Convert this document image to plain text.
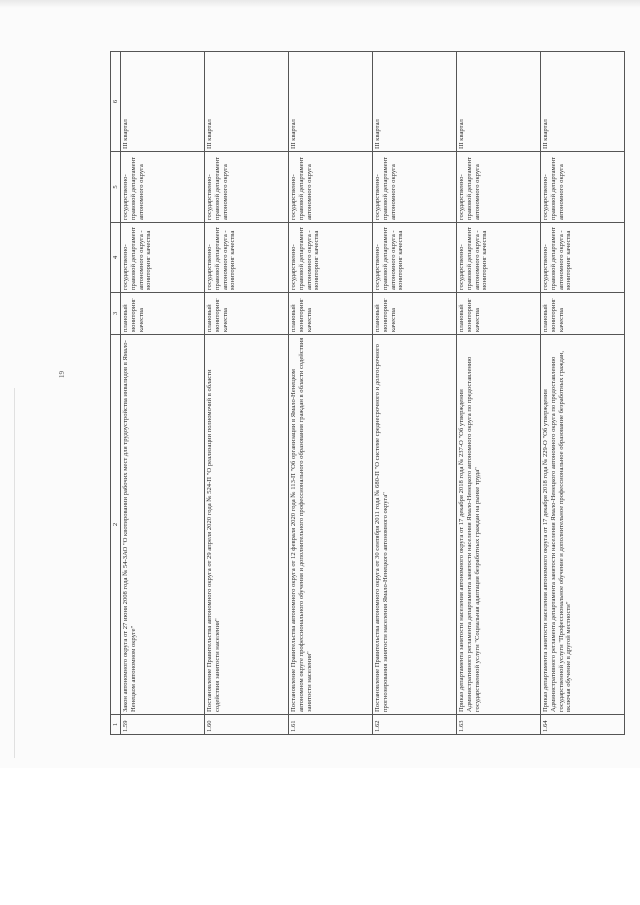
19
1	2	3	4	5	6
1.59	Закон автономного округа от 27 июня 2008 года № 54-ЗАО "О квотировании рабочих мест для трудоустройства инвалидов в Ямало-Ненецком автономном округе"	плановый мониторинг качества	государственно-правовой департамент автономного округа - мониторинг качества	государственно-правовой департамент автономного округа	III квартал
1.60	Постановление Правительства автономного округа от 29 апреля 2020 года № 524-П "О реализации полномочий в области содействия занятости населения"	плановый мониторинг качества	государственно-правовой департамент автономного округа - мониторинг качества	государственно-правовой департамент автономного округа	III квартал
1.61	Постановление Правительства автономного округа от 12 февраля 2020 года № 113-П "Об организации в Ямало-Ненецком автономном округе профессионального обучения и дополнительного профессионального образования граждан в области содействия занятости населения"	плановый мониторинг качества	государственно-правовой департамент автономного округа - мониторинг качества	государственно-правовой департамент автономного округа	III квартал
1.62	Постановление Правительства автономного округа от 30 сентября 2011 года № 680-П "О системе среднесрочного и долгосрочного прогнозирования занятости населения Ямало-Ненецкого автономного округа"	плановый мониторинг качества	государственно-правовой департамент автономного округа - мониторинг качества	государственно-правовой департамент автономного округа	III квартал
1.63	Приказ департамента занятости населения автономного округа от 17 декабря 2018 года № 237-О "Об утверждении Административного регламента департамента занятости населения Ямало-Ненецкого автономного округа по предоставлению государственной услуги "Социальная адаптация безработных граждан на рынке труда"	плановый мониторинг качества	государственно-правовой департамент автономного округа - мониторинг качества	государственно-правовой департамент автономного округа	III квартал
1.64	Приказ департамента занятости населения автономного округа от 17 декабря 2018 года № 229-О "Об утверждении Административного регламента департамента занятости населения Ямало-Ненецкого автономного округа по предоставлению государственной услуги "Профессиональное обучение и дополнительное профессиональное образование безработных граждан, включая обучение в другой местности"	плановый мониторинг качества	государственно-правовой департамент автономного округа - мониторинг качества	государственно-правовой департамент автономного округа	III квартал
